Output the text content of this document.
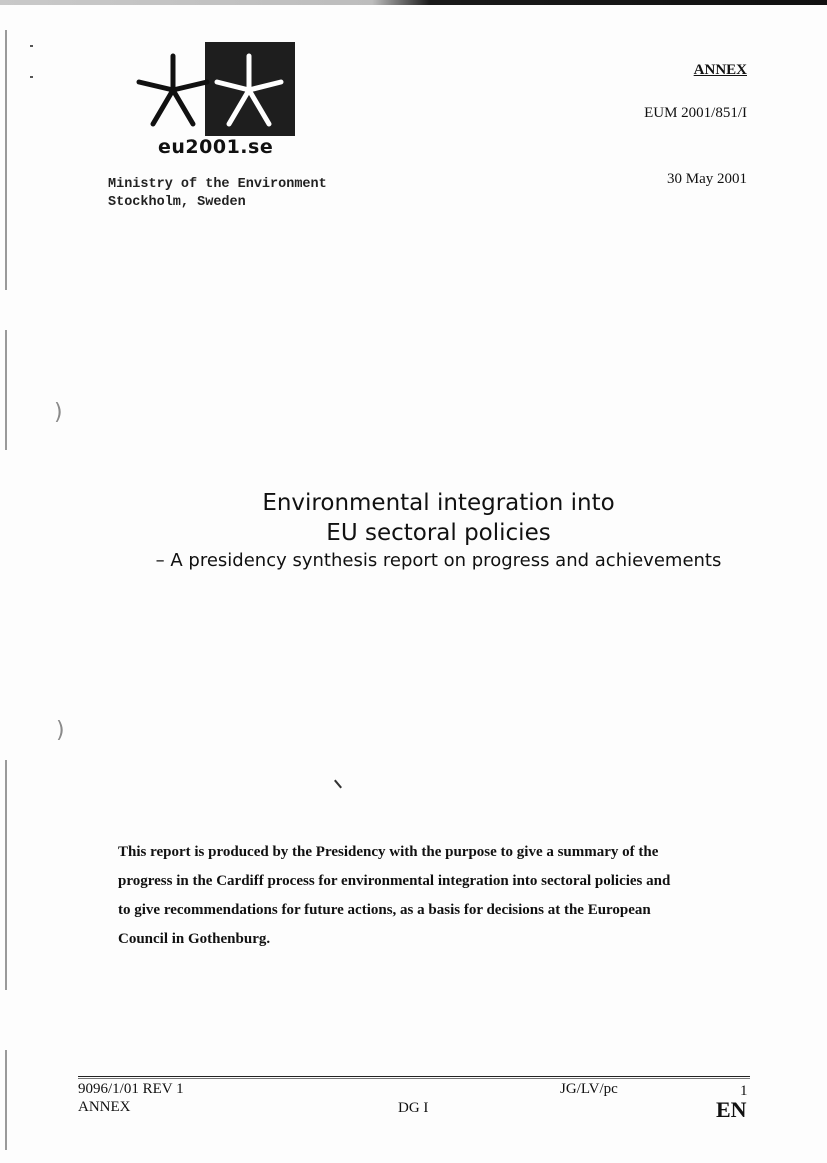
)
)
eu2001.se
Ministry of the Environment
Stockholm, Sweden
ANNEX
EUM 2001/851/I
30 May 2001
Environmental integration into
EU sectoral policies
– A presidency synthesis report on progress and achievements

This report is produced by the Presidency with the purpose to give a summary of the

progress in the Cardiff process for environmental integration into sectoral policies and

to give recommendations for future actions, as a basis for decisions at the European

Council in Gothenburg.

9096/1/01 REV 1
ANNEX	DG I
JG/LV/pc	1
EN
